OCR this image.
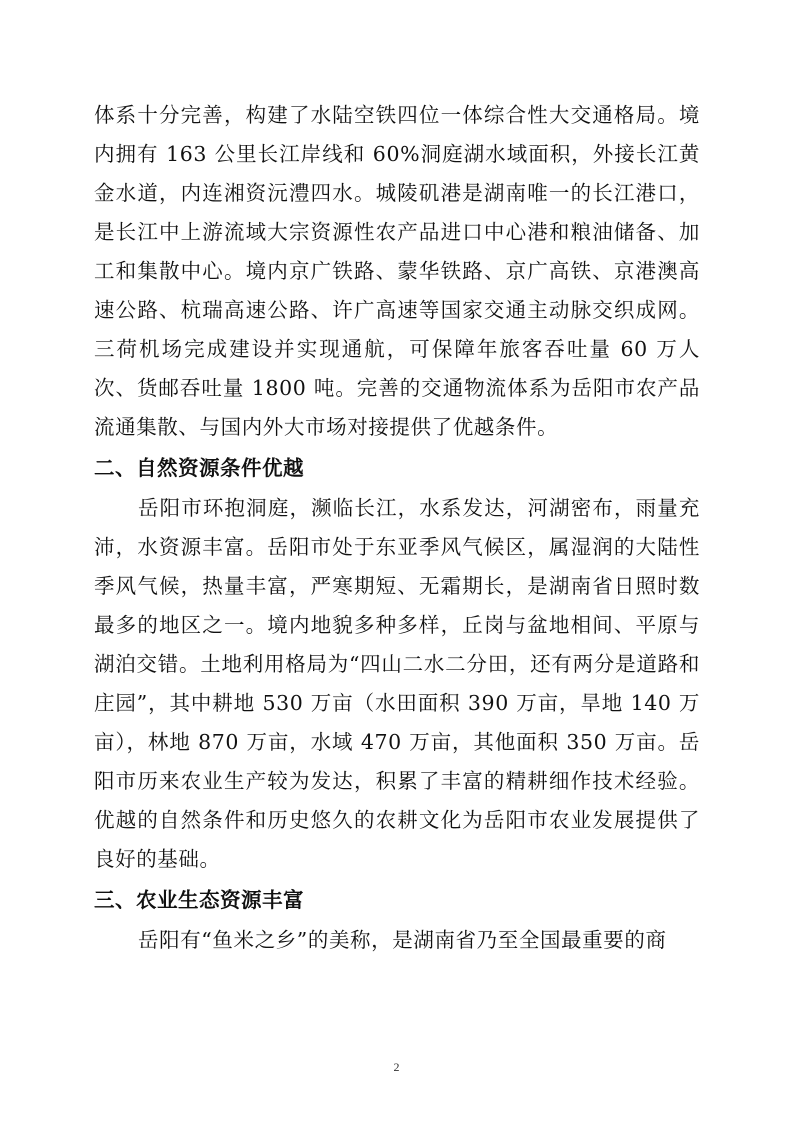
体系十分完善，构建了水陆空铁四位一体综合性大交通格局。境内拥有 163 公里长江岸线和 60%洞庭湖水域面积，外接长江黄金水道，内连湘资沅澧四水。城陵矶港是湖南唯一的长江港口，是长江中上游流域大宗资源性农产品进口中心港和粮油储备、加工和集散中心。境内京广铁路、蒙华铁路、京广高铁、京港澳高速公路、杭瑞高速公路、许广高速等国家交通主动脉交织成网。三荷机场完成建设并实现通航，可保障年旅客吞吐量 60 万人次、货邮吞吐量 1800 吨。完善的交通物流体系为岳阳市农产品流通集散、与国内外大市场对接提供了优越条件。

二、自然资源条件优越

岳阳市环抱洞庭，濒临长江，水系发达，河湖密布，雨量充沛，水资源丰富。岳阳市处于东亚季风气候区，属湿润的大陆性季风气候，热量丰富，严寒期短、无霜期长，是湖南省日照时数最多的地区之一。境内地貌多种多样，丘岗与盆地相间、平原与湖泊交错。土地利用格局为“四山二水二分田，还有两分是道路和庄园”，其中耕地 530 万亩（水田面积 390 万亩，旱地 140 万亩），林地 870 万亩，水域 470 万亩，其他面积 350 万亩。岳阳市历来农业生产较为发达，积累了丰富的精耕细作技术经验。优越的自然条件和历史悠久的农耕文化为岳阳市农业发展提供了良好的基础。

三、农业生态资源丰富

岳阳有“鱼米之乡”的美称，是湖南省乃至全国最重要的商

2
